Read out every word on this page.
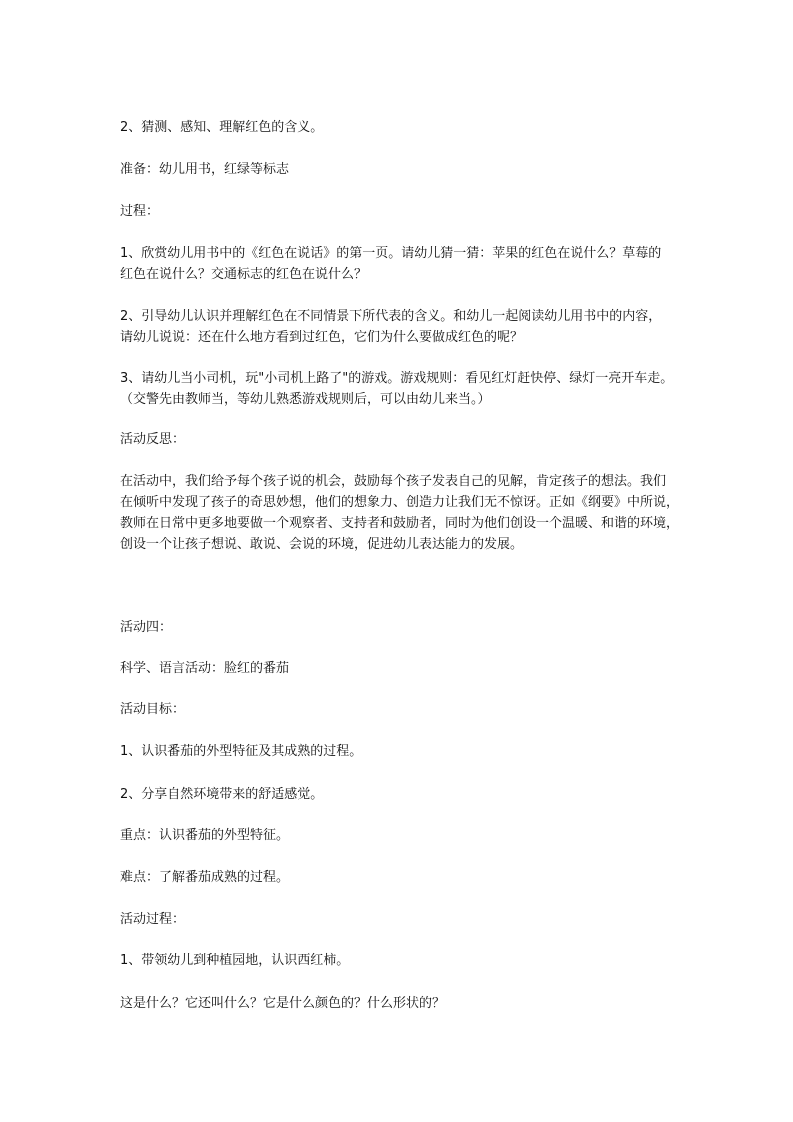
2、猜测、感知、理解红色的含义。
准备：幼儿用书，红绿等标志
过程：
1、欣赏幼儿用书中的《红色在说话》的第一页。请幼儿猜一猜：苹果的红色在说什么？草莓的
红色在说什么？交通标志的红色在说什么？
2、引导幼儿认识并理解红色在不同情景下所代表的含义。和幼儿一起阅读幼儿用书中的内容，
请幼儿说说：还在什么地方看到过红色，它们为什么要做成红色的呢？
3、请幼儿当小司机，玩"小司机上路了"的游戏。游戏规则：看见红灯赶快停、绿灯一亮开车走。
（交警先由教师当，等幼儿熟悉游戏规则后，可以由幼儿来当。）
活动反思：
在活动中，我们给予每个孩子说的机会，鼓励每个孩子发表自己的见解，肯定孩子的想法。我们
在倾听中发现了孩子的奇思妙想，他们的想象力、创造力让我们无不惊讶。正如《纲要》中所说，
教师在日常中更多地要做一个观察者、支持者和鼓励者，同时为他们创设一个温暖、和谐的环境，
创设一个让孩子想说、敢说、会说的环境，促进幼儿表达能力的发展。
活动四：
科学、语言活动：脸红的番茄
活动目标：
1、认识番茄的外型特征及其成熟的过程。
2、分享自然环境带来的舒适感觉。
重点：认识番茄的外型特征。
难点：了解番茄成熟的过程。
活动过程：
1、带领幼儿到种植园地，认识西红柿。
这是什么？它还叫什么？它是什么颜色的？什么形状的？
